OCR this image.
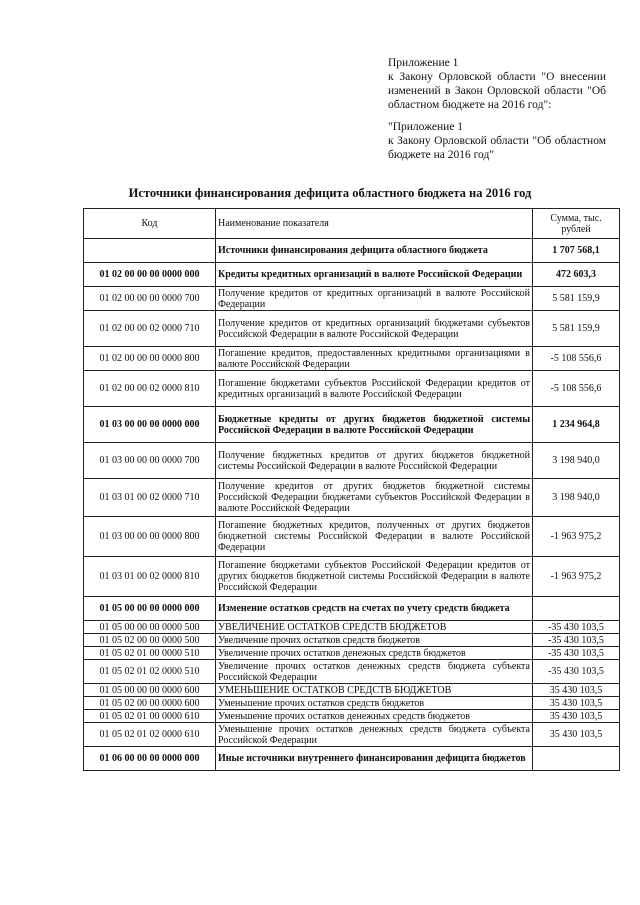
Приложение 1

к Закону Орловской области "О внесении изменений в Закон Орловской области "Об областном бюджете на 2016 год":

"Приложение 1

к Закону Орловской области "Об областном бюджете на 2016 год"

Источники финансирования дефицита областного бюджета на 2016 год
Код	Наименование показателя	Сумма, тыс. рублей
	Источники финансирования дефицита областного бюджета	1 707 568,1
01 02 00 00 00 0000 000	Кредиты кредитных организаций в валюте Российской Федерации	472 603,3
01 02 00 00 00 0000 700	Получение кредитов от кредитных организаций в валюте Российской Федерации	5 581 159,9
01 02 00 00 02 0000 710	Получение кредитов от кредитных организаций бюджетами субъектов Российской Федерации в валюте Российской Федерации	5 581 159,9
01 02 00 00 00 0000 800	Погашение кредитов, предоставленных кредитными организациями в валюте Российской Федерации	-5 108 556,6
01 02 00 00 02 0000 810	Погашение бюджетами субъектов Российской Федерации кредитов от кредитных организаций в валюте Российской Федерации	-5 108 556,6
01 03 00 00 00 0000 000	Бюджетные кредиты от других бюджетов бюджетной системы Российской Федерации в валюте Российской Федерации	1 234 964,8
01 03 00 00 00 0000 700	Получение бюджетных кредитов от других бюджетов бюджетной системы Российской Федерации в валюте Российской Федерации	3 198 940,0
01 03 01 00 02 0000 710	Получение кредитов от других бюджетов бюджетной системы Российской Федерации бюджетами субъектов Российской Федерации в валюте Российской Федерации	3 198 940,0
01 03 00 00 00 0000 800	Погашение бюджетных кредитов, полученных от других бюджетов бюджетной системы Российской Федерации в валюте Российской Федерации	-1 963 975,2
01 03 01 00 02 0000 810	Погашение бюджетами субъектов Российской Федерации кредитов от других бюджетов бюджетной системы Российской Федерации в валюте Российской Федерации	-1 963 975,2
01 05 00 00 00 0000 000	Изменение остатков средств на счетах по учету средств бюджета	
01 05 00 00 00 0000 500	УВЕЛИЧЕНИЕ ОСТАТКОВ СРЕДСТВ БЮДЖЕТОВ	-35 430 103,5
01 05 02 00 00 0000 500	Увеличение прочих остатков средств бюджетов	-35 430 103,5
01 05 02 01 00 0000 510	Увеличение прочих остатков денежных средств бюджетов	-35 430 103,5
01 05 02 01 02 0000 510	Увеличение прочих остатков денежных средств бюджета субъекта Российской Федерации	-35 430 103,5
01 05 00 00 00 0000 600	УМЕНЬШЕНИЕ ОСТАТКОВ СРЕДСТВ БЮДЖЕТОВ	35 430 103,5
01 05 02 00 00 0000 600	Уменьшение прочих остатков средств бюджетов	35 430 103,5
01 05 02 01 00 0000 610	Уменьшение прочих остатков денежных средств бюджетов	35 430 103,5
01 05 02 01 02 0000 610	Уменьшение прочих остатков денежных средств бюджета субъекта Российской Федерации	35 430 103,5
01 06 00 00 00 0000 000	Иные источники внутреннего финансирования дефицита бюджетов	
